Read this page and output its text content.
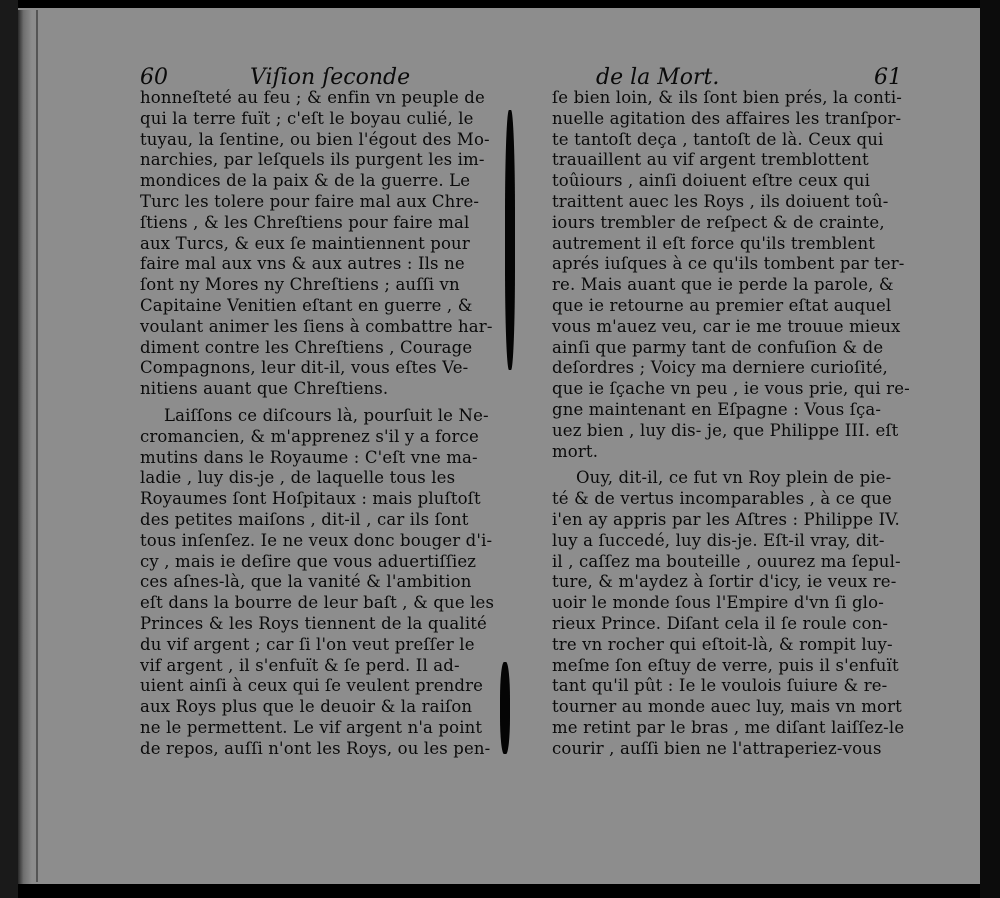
60	Viſion ſeconde
honneſteté au feu ; & enfin vn peuple de
qui la terre fuït ; c'eſt le boyau culié, le
tuyau, la ſentine, ou bien l'égout des Mo-
narchies, par leſquels ils purgent les im-
mondices de la paix & de la guerre. Le
Turc les tolere pour faire mal aux Chre-
ſtiens , & les Chreſtiens pour faire mal
aux Turcs, & eux ſe maintiennent pour
faire mal aux vns & aux autres : Ils ne
ſont ny Mores ny Chreſtiens ; auſſi vn
Capitaine Venitien eſtant en guerre , &
voulant animer les ſiens à combattre har-
diment contre les Chreſtiens , Courage
Compagnons, leur dit-il, vous eſtes Ve-
nitiens auant que Chreſtiens.
Laiſſons ce diſcours là, pourſuit le Ne-
cromancien, & m'apprenez s'il y a force
mutins dans le Royaume : C'eſt vne ma-
ladie , luy dis-je , de laquelle tous les
Royaumes ſont Hoſpitaux : mais pluſtoſt
des petites maiſons , dit-il , car ils ſont
tous inſenſez. Ie ne veux donc bouger d'i-
cy , mais ie deſire que vous aduertiſſiez
ces aſnes-là, que la vanité & l'ambition
eſt dans la bourre de leur baſt , & que les
Princes & les Roys tiennent de la qualité
du vif argent ; car ſi l'on veut preſſer le
vif argent , il s'enfuït & ſe perd. Il ad-
uient ainſi à ceux qui ſe veulent prendre
aux Roys plus que le deuoir & la raiſon
ne le permettent. Le vif argent n'a point
de repos, auſſi n'ont les Roys, ou les pen-
de la Mort.	61
ſe bien loin, & ils ſont bien prés, la conti-
nuelle agitation des affaires les tranſpor-
te tantoſt deça , tantoſt de là. Ceux qui
trauaillent au vif argent tremblottent
toûiours , ainſi doiuent eſtre ceux qui
traittent auec les Roys , ils doiuent toû-
iours trembler de reſpect & de crainte,
autrement il eſt force qu'ils tremblent
aprés iuſques à ce qu'ils tombent par ter-
re. Mais auant que ie perde la parole, &
que ie retourne au premier eſtat auquel
vous m'auez veu, car ie me trouue mieux
ainſi que parmy tant de confuſion & de
deſordres ; Voicy ma derniere curioſité,
que ie ſçache vn peu , ie vous prie, qui re-
gne maintenant en Eſpagne : Vous ſça-
uez bien , luy dis- je, que Philippe III. eſt
mort.
Ouy, dit-il, ce fut vn Roy plein de pie-
té & de vertus incomparables , à ce que
i'en ay appris par les Aſtres : Philippe IV.
luy a ſuccedé, luy dis-je. Eſt-il vray, dit-
il , caſſez ma bouteille , ouurez ma ſepul-
ture, & m'aydez à ſortir d'icy, ie veux re-
uoir le monde ſous l'Empire d'vn ſi glo-
rieux Prince. Diſant cela il ſe roule con-
tre vn rocher qui eſtoit-là, & rompit luy-
meſme ſon eſtuy de verre, puis il s'enfuït
tant qu'il pût : Ie le voulois ſuiure & re-
tourner au monde auec luy, mais vn mort
me retint par le bras , me diſant laiſſez-le
courir , auſſi bien ne l'attraperiez-vous
